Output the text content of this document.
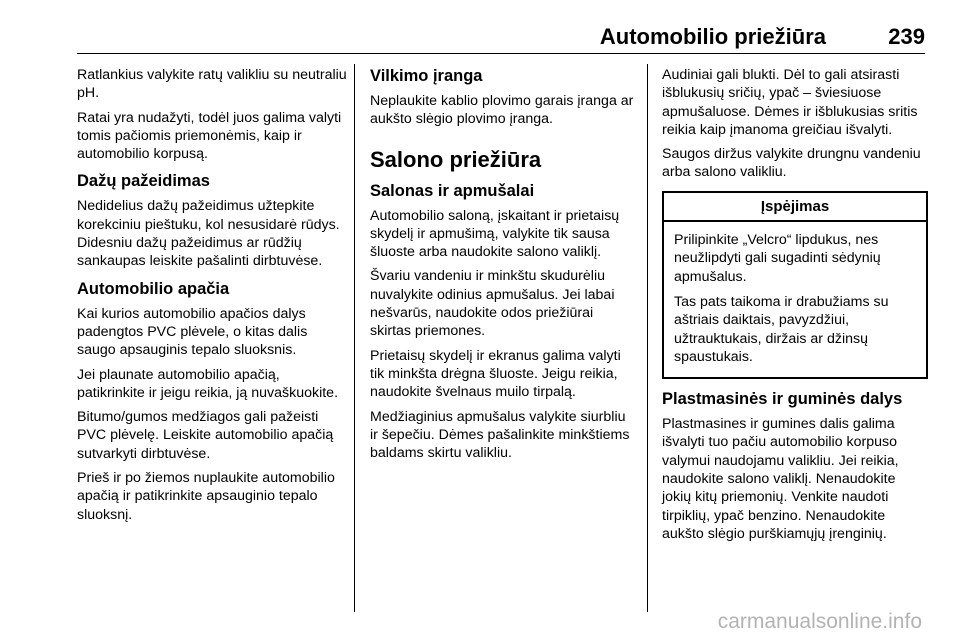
Automobilio priežiūra	239

Ratlankius valykite ratų valikliu su neutraliu pH.

Ratai yra nudažyti, todėl juos galima valyti tomis pačiomis priemonėmis, kaip ir automobilio korpusą.

Dažų pažeidimas

Nedidelius dažų pažeidimus užtepkite korekciniu pieštuku, kol nesusidarė rūdys. Didesniu dažų pažeidimus ar rūdžių sankaupas leiskite pašalinti dirbtuvėse.

Automobilio apačia

Kai kurios automobilio apačios dalys padengtos PVC plėvele, o kitas dalis saugo apsauginis tepalo sluoksnis.

Jei plaunate automobilio apačią, patikrinkite ir jeigu reikia, ją nuvaškuokite.

Bitumo/gumos medžiagos gali pažeisti PVC plėvelę. Leiskite automobilio apačią sutvarkyti dirbtuvėse.

Prieš ir po žiemos nuplaukite automobilio apačią ir patikrinkite apsauginio tepalo sluoksnį.

Vilkimo įranga

Neplaukite kablio plovimo garais įranga ar aukšto slėgio plovimo įranga.

Salono priežiūra
Salonas ir apmušalai

Automobilio saloną, įskaitant ir prietaisų skydelį ir apmušimą, valykite tik sausa šluoste arba naudokite salono valiklį.

Švariu vandeniu ir minkštu skudurėliu nuvalykite odinius apmušalus. Jei labai nešvarūs, naudokite odos priežiūrai skirtas priemones.

Prietaisų skydelį ir ekranus galima valyti tik minkšta drėgna šluoste. Jeigu reikia, naudokite švelnaus muilo tirpalą.

Medžiaginius apmušalus valykite siurbliu ir šepečiu. Dėmes pašalinkite minkštiems baldams skirtu valikliu.

Audiniai gali blukti. Dėl to gali atsirasti išblukusių sričių, ypač – šviesiuose apmušaluose. Dėmes ir išblukusias sritis reikia kaip įmanoma greičiau išvalyti.

Saugos diržus valykite drungnu vandeniu arba salono valikliu.

Įspėjimas

Prilipinkite „Velcro“ lipdukus, nes neužlipdyti gali sugadinti sėdynių apmušalus.

Tas pats taikoma ir drabužiams su aštriais daiktais, pavyzdžiui, užtrauktukais, diržais ar džinsų spaustukais.

Plastmasinės ir guminės dalys

Plastmasines ir gumines dalis galima išvalyti tuo pačiu automobilio korpuso valymui naudojamu valikliu. Jei reikia, naudokite salono valiklį. Nenaudokite jokių kitų priemonių. Venkite naudoti tirpiklių, ypač benzino. Nenaudokite aukšto slėgio purškiamųjų įrenginių.

carmanualsonline.info
